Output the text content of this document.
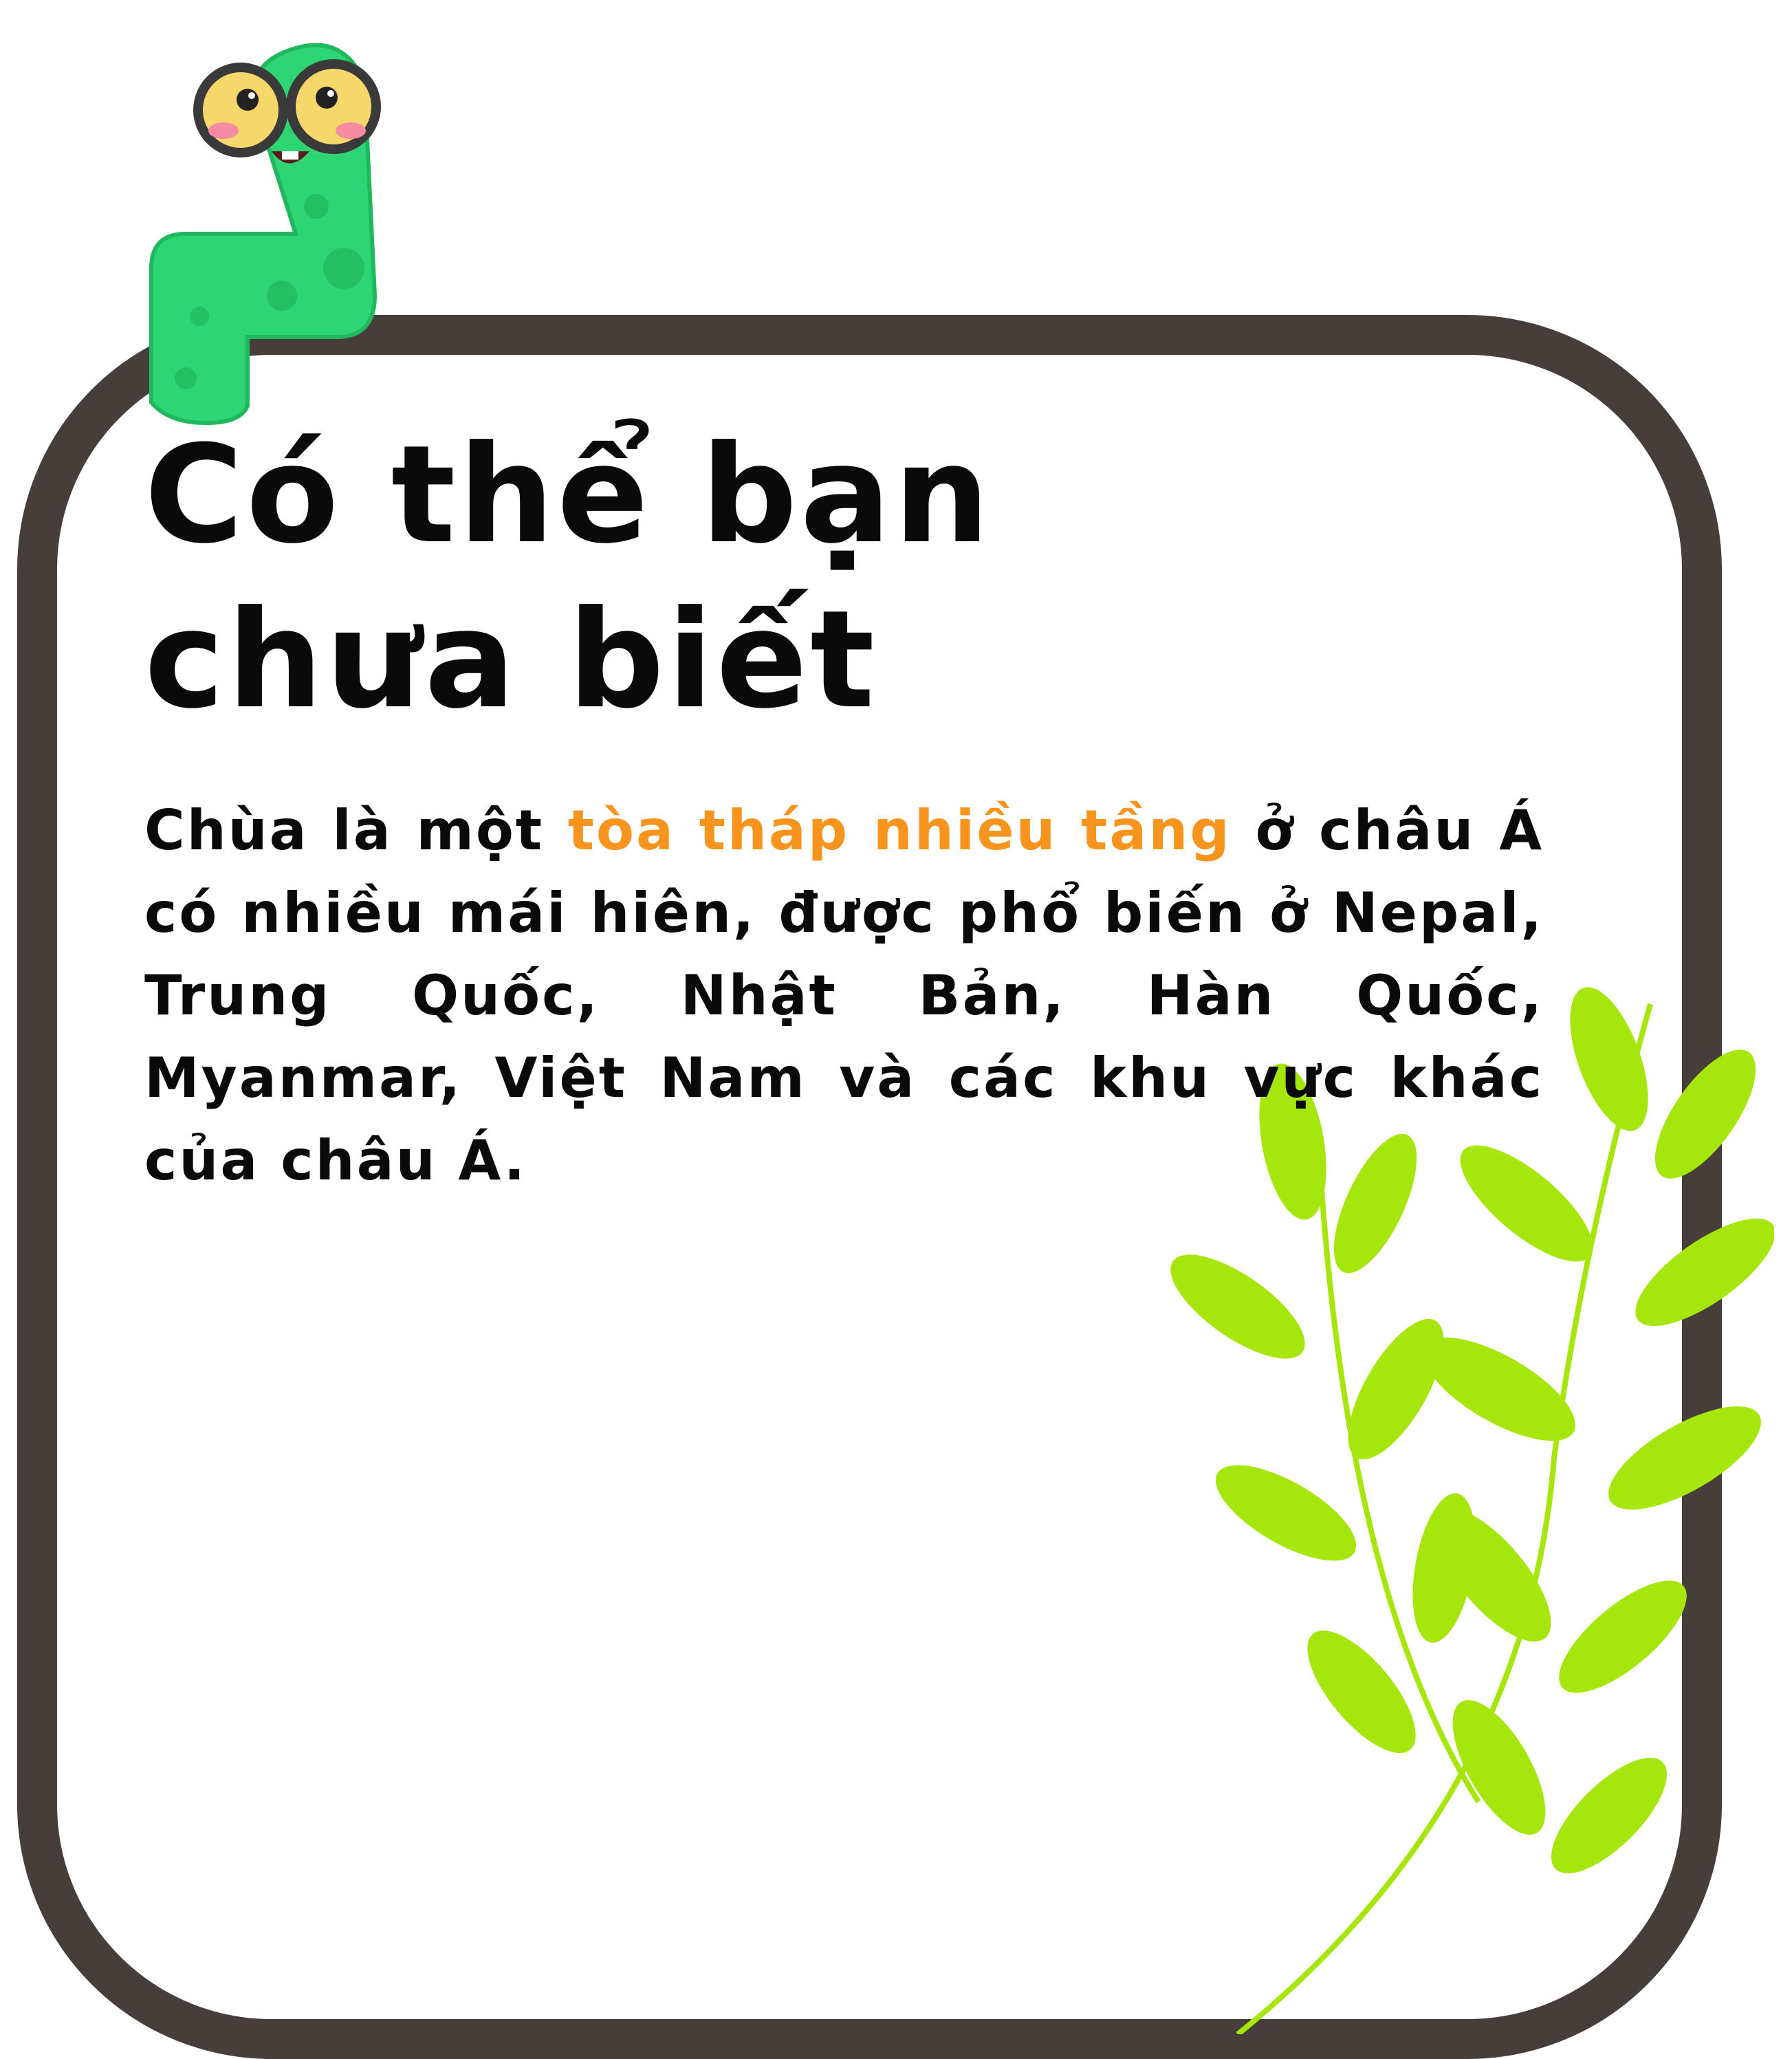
Có thể bạn
chưa biết

Chùa là một tòa tháp nhiều tầng ở châu Á có nhiều mái hiên, được phổ biến ở Nepal, Trung Quốc, Nhật Bản, Hàn Quốc, Myanmar, Việt Nam và các khu vực khác của châu Á.
